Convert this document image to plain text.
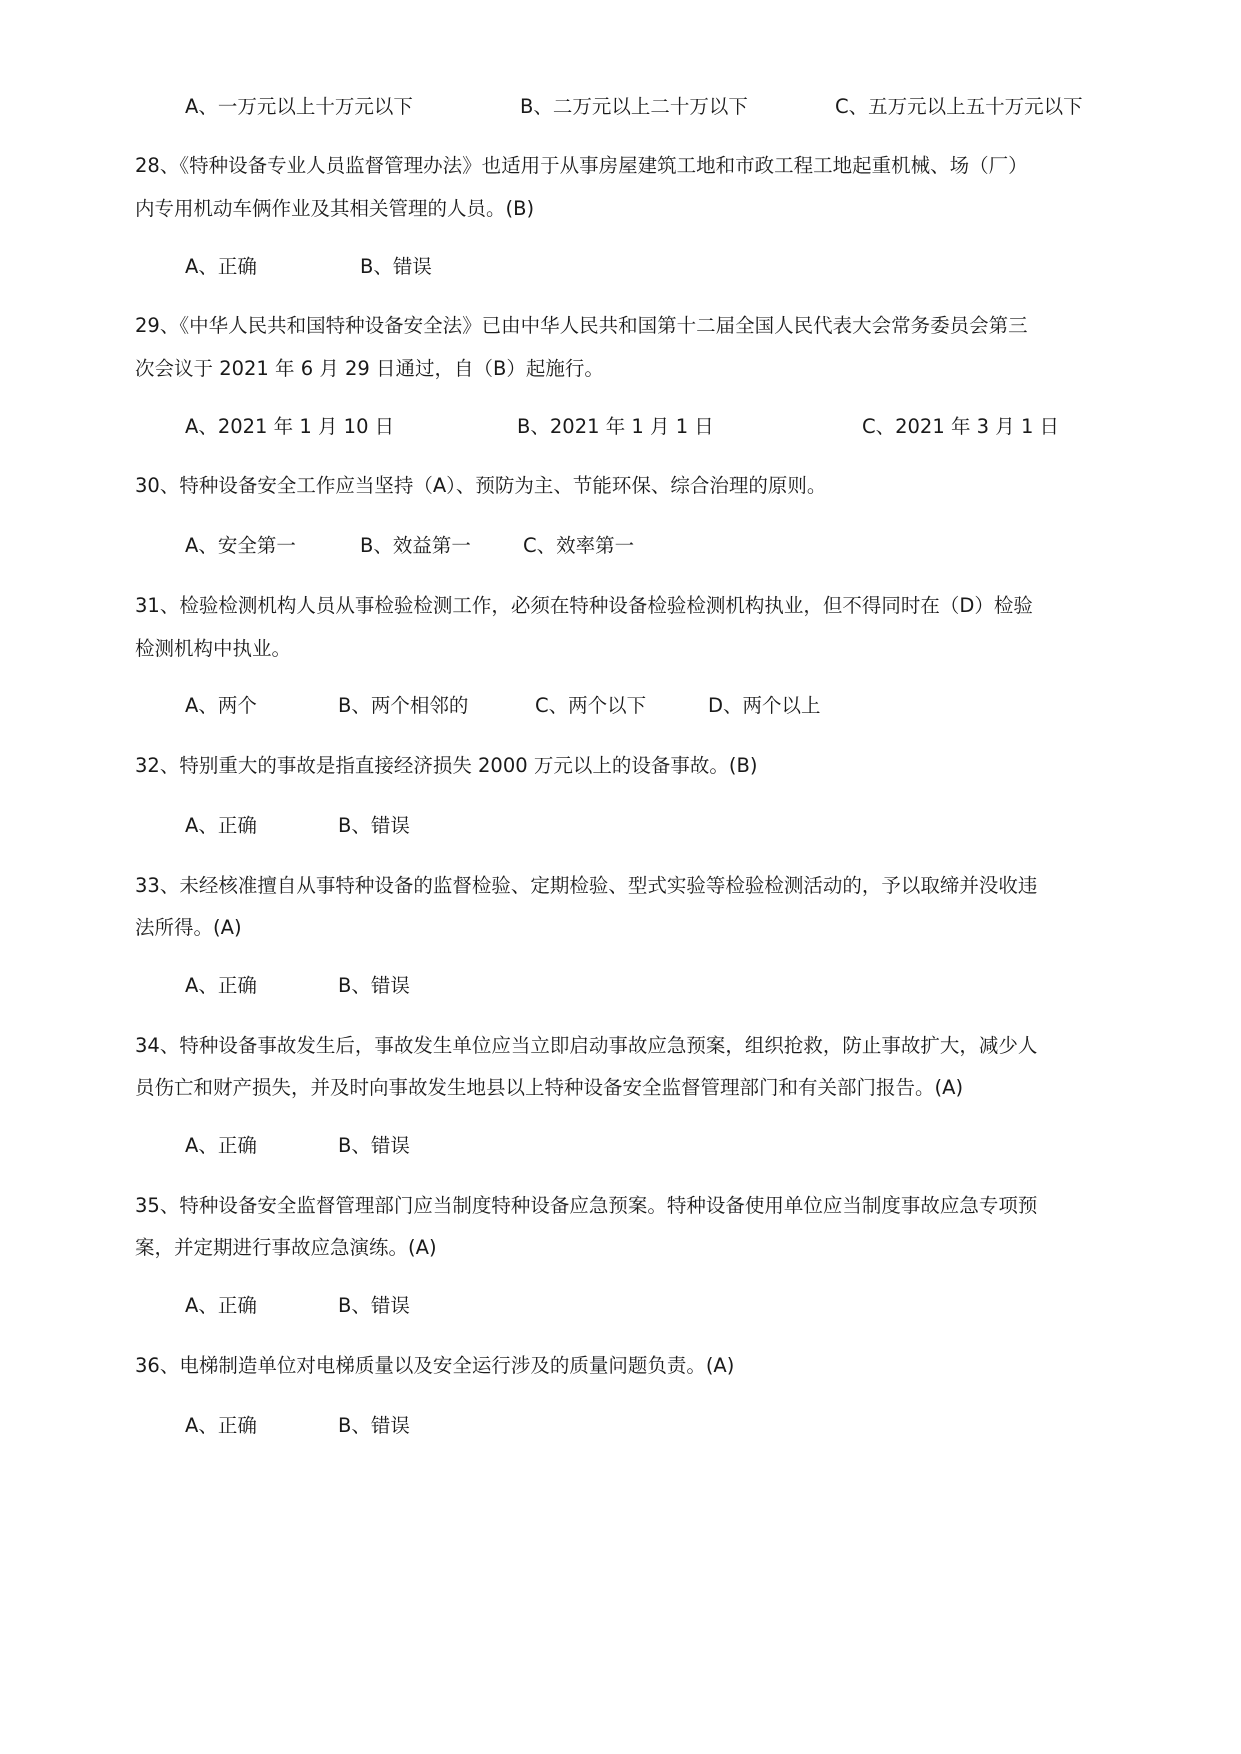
A、一万元以上十万元以下	B、二万元以上二十万以下	C、五万元以上五十万元以下
28、《特种设备专业人员监督管理办法》也适用于从事房屋建筑工地和市政工程工地起重机械、场（厂）
内专用机动车俩作业及其相关管理的人员。(B)
A、正确	B、错误
29、《中华人民共和国特种设备安全法》已由中华人民共和国第十二届全国人民代表大会常务委员会第三
次会议于 2021 年 6 月 29 日通过，自（B）起施行。
A、2021 年 1 月 10 日	B、2021 年 1 月 1 日	C、2021 年 3 月 1 日
30、特种设备安全工作应当坚持（A）、预防为主、节能环保、综合治理的原则。
A、安全第一	B、效益第一	C、效率第一
31、检验检测机构人员从事检验检测工作，必须在特种设备检验检测机构执业，但不得同时在（D）检验
检测机构中执业。
A、两个	B、两个相邻的	C、两个以下	D、两个以上
32、特别重大的事故是指直接经济损失 2000 万元以上的设备事故。(B)
A、正确	B、错误
33、未经核准擅自从事特种设备的监督检验、定期检验、型式实验等检验检测活动的，予以取缔并没收违
法所得。(A)
A、正确	B、错误
34、特种设备事故发生后，事故发生单位应当立即启动事故应急预案，组织抢救，防止事故扩大，减少人
员伤亡和财产损失，并及时向事故发生地县以上特种设备安全监督管理部门和有关部门报告。(A)
A、正确	B、错误
35、特种设备安全监督管理部门应当制度特种设备应急预案。特种设备使用单位应当制度事故应急专项预
案，并定期进行事故应急演练。(A)
A、正确	B、错误
36、电梯制造单位对电梯质量以及安全运行涉及的质量问题负责。(A)
A、正确	B、错误
